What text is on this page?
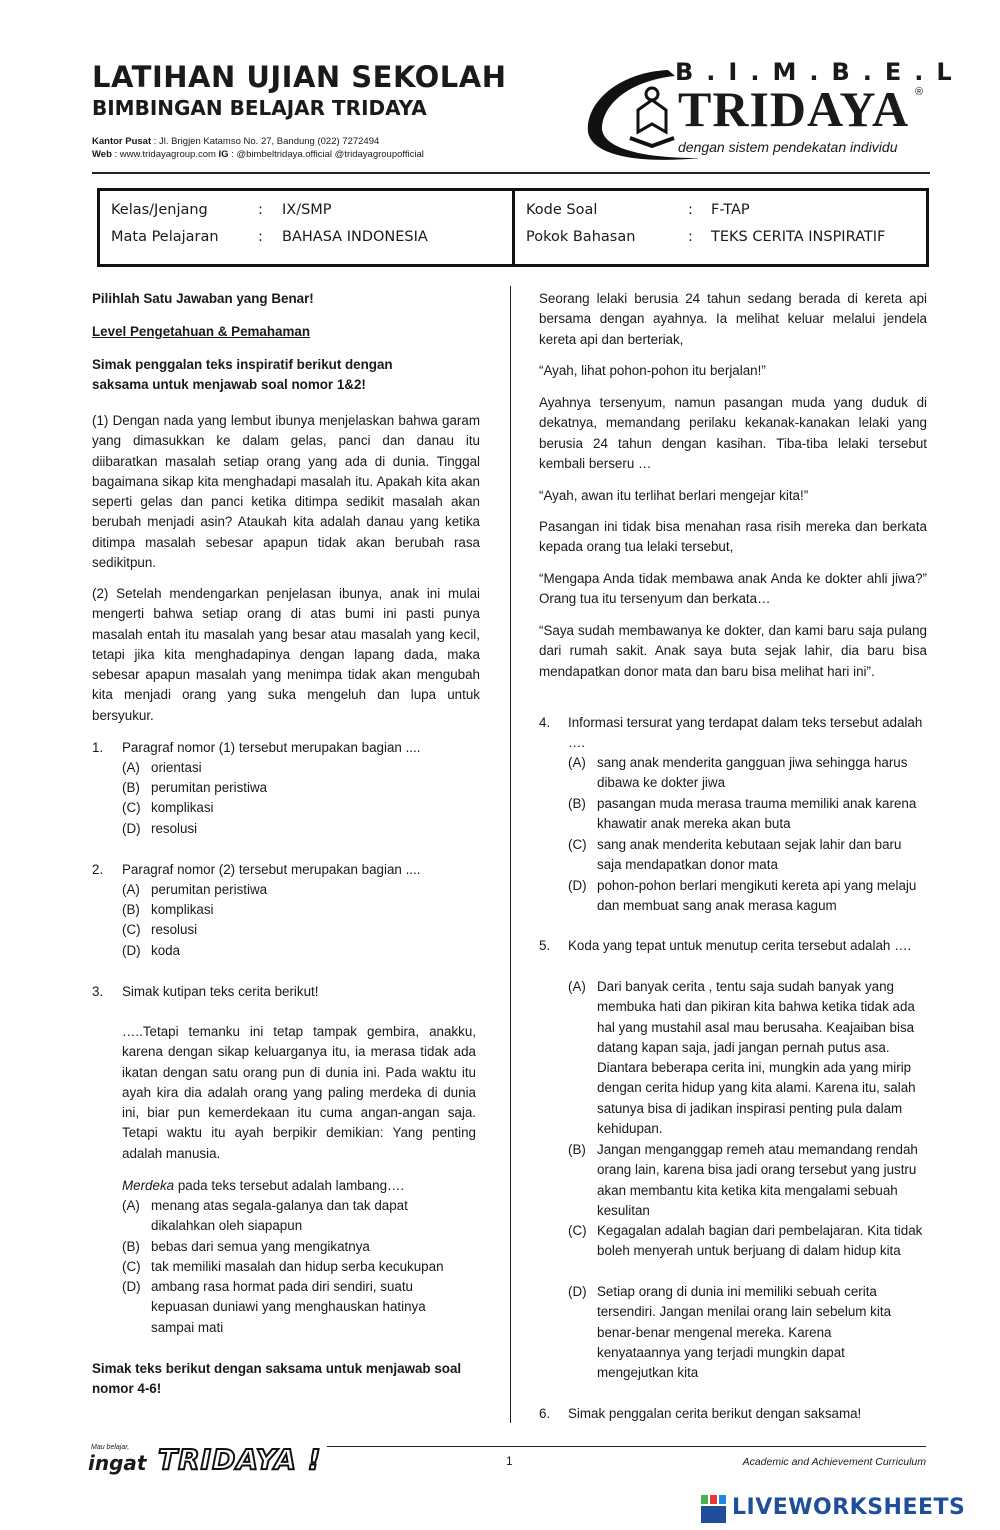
LATIHAN UJIAN SEKOLAH
BIMBINGAN BELAJAR TRIDAYA
Kantor Pusat : Jl. Brigjen Katamso No. 27, Bandung (022) 7272494
Web : www.tridayagroup.com IG : @bimbeltridaya.official @tridayagroupofficial
B.I.M.B.E.L
TRIDAYA ®
dengan sistem pendekatan individu
Kelas/Jenjang	: IX/SMP
Mata Pelajaran	: BAHASA INDONESIA
Kode Soal	: F-TAP
Pokok Bahasan	: TEKS CERITA INSPIRATIF
Pilihlah Satu Jawaban yang Benar!
Level Pengetahuan & Pemahaman
Simak penggalan teks inspiratif berikut dengan saksama untuk menjawab soal nomor 1&2!
(1) Dengan nada yang lembut ibunya menjelaskan bahwa garam yang dimasukkan ke dalam gelas, panci dan danau itu diibaratkan masalah setiap orang yang ada di dunia. Tinggal bagaimana sikap kita menghadapi masalah itu. Apakah kita akan seperti gelas dan panci ketika ditimpa sedikit masalah akan berubah menjadi asin? Ataukah kita adalah danau yang ketika ditimpa masalah sebesar apapun tidak akan berubah rasa sedikitpun.
(2) Setelah mendengarkan penjelasan ibunya, anak ini mulai mengerti bahwa setiap orang di atas bumi ini pasti punya masalah entah itu masalah yang besar atau masalah yang kecil, tetapi jika kita menghadapinya dengan lapang dada, maka sebesar apapun masalah yang menimpa tidak akan mengubah kita menjadi orang yang suka mengeluh dan lupa untuk bersyukur.
1. Paragraf nomor (1) tersebut merupakan bagian ....
(A) orientasi
(B) perumitan peristiwa
(C) komplikasi
(D) resolusi
2. Paragraf nomor (2) tersebut merupakan bagian ....
(A) perumitan peristiwa
(B) komplikasi
(C) resolusi
(D) koda
3. Simak kutipan teks cerita berikut!
…..Tetapi temanku ini tetap tampak gembira, anakku, karena dengan sikap keluarganya itu, ia merasa tidak ada ikatan dengan satu orang pun di dunia ini. Pada waktu itu ayah kira dia adalah orang yang paling merdeka di dunia ini, biar pun kemerdekaan itu cuma angan-angan saja. Tetapi waktu itu ayah berpikir demikian: Yang penting adalah manusia.
Merdeka pada teks tersebut adalah lambang….
(A) menang atas segala-galanya dan tak dapat dikalahkan oleh siapapun
(B) bebas dari semua yang mengikatnya
(C) tak memiliki masalah dan hidup serba kecukupan
(D) ambang rasa hormat pada diri sendiri, suatu kepuasan duniawi yang menghauskan hatinya sampai mati
Simak teks berikut dengan saksama untuk menjawab soal nomor 4-6!
Seorang lelaki berusia 24 tahun sedang berada di kereta api bersama dengan ayahnya. Ia melihat keluar melalui jendela kereta api dan berteriak,
“Ayah, lihat pohon-pohon itu berjalan!”
Ayahnya tersenyum, namun pasangan muda yang duduk di dekatnya, memandang perilaku kekanak-kanakan lelaki yang berusia 24 tahun dengan kasihan. Tiba-tiba lelaki tersebut kembali berseru …
“Ayah, awan itu terlihat berlari mengejar kita!”
Pasangan ini tidak bisa menahan rasa risih mereka dan berkata kepada orang tua lelaki tersebut,
“Mengapa Anda tidak membawa anak Anda ke dokter ahli jiwa?” Orang tua itu tersenyum dan berkata…
“Saya sudah membawanya ke dokter, dan kami baru saja pulang dari rumah sakit. Anak saya buta sejak lahir, dia baru bisa mendapatkan donor mata dan baru bisa melihat hari ini”.
4. Informasi tersurat yang terdapat dalam teks tersebut adalah ….
(A) sang anak menderita gangguan jiwa sehingga harus dibawa ke dokter jiwa
(B) pasangan muda merasa trauma memiliki anak karena khawatir anak mereka akan buta
(C) sang anak menderita kebutaan sejak lahir dan baru saja mendapatkan donor mata
(D) pohon-pohon berlari mengikuti kereta api yang melaju dan membuat sang anak merasa kagum
5. Koda yang tepat untuk menutup cerita tersebut adalah ….
(A) Dari banyak cerita , tentu saja sudah banyak yang membuka hati dan pikiran kita bahwa ketika tidak ada hal yang mustahil asal mau berusaha. Keajaiban bisa datang kapan saja, jadi jangan pernah putus asa. Diantara beberapa cerita ini, mungkin ada yang mirip dengan cerita hidup yang kita alami. Karena itu, salah satunya bisa di jadikan inspirasi penting pula dalam kehidupan.
(B) Jangan menganggap remeh atau memandang rendah orang lain, karena bisa jadi orang tersebut yang justru akan membantu kita ketika kita mengalami sebuah kesulitan
(C) Kegagalan adalah bagian dari pembelajaran. Kita tidak boleh menyerah untuk berjuang di dalam hidup kita
(D) Setiap orang di dunia ini memiliki sebuah cerita tersendiri. Jangan menilai orang lain sebelum kita benar-benar mengenal mereka. Karena kenyataannya yang terjadi mungkin dapat mengejutkan kita
6. Simak penggalan cerita berikut dengan saksama!
Mau belajar,
ingat TRIDAYA !	1	Academic and Achievement Curriculum
LIVEWORKSHEETS
